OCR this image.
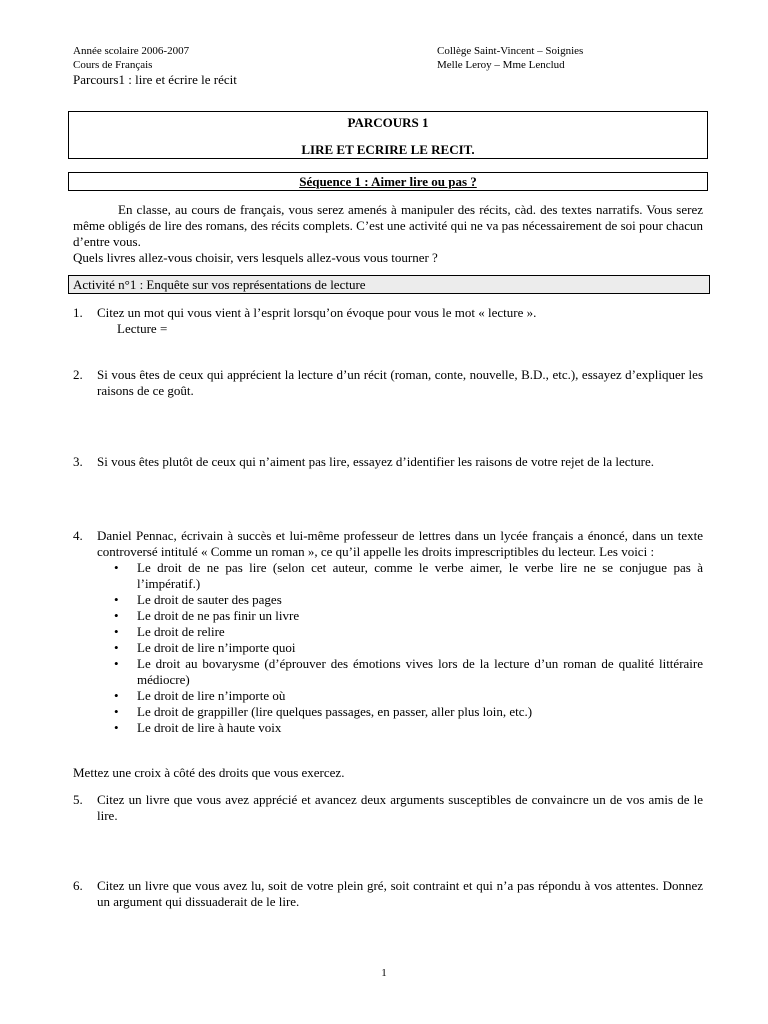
Année scolaire 2006-2007
Cours de Français
Parcours1 : lire et écrire le récit
Collège Saint-Vincent – Soignies
Melle Leroy – Mme Lenclud
PARCOURS 1
LIRE ET ECRIRE LE RECIT.
Séquence 1 : Aimer lire ou pas ?

En classe, au cours de français, vous serez amenés à manipuler des récits, càd. des textes narratifs. Vous serez même obligés de lire des romans, des récits complets. C’est une activité qui ne va pas nécessairement de soi pour chacun d’entre vous.

Quels livres allez-vous choisir, vers lesquels allez-vous vous tourner ?

Activité n°1 : Enquête sur vos représentations de lecture
1. Citez un mot qui vous vient à l’esprit lorsqu’on évoque pour vous le mot « lecture ».
Lecture =
2. Si vous êtes de ceux qui apprécient la lecture d’un récit (roman, conte, nouvelle, B.D., etc.), essayez d’expliquer les raisons de ce goût.
3. Si vous êtes plutôt de ceux qui n’aiment pas lire, essayez d’identifier les raisons de votre rejet de la lecture.
4. Daniel Pennac, écrivain à succès et lui-même professeur de lettres dans un lycée français a énoncé, dans un texte controversé intitulé « Comme un roman », ce qu’il appelle les droits imprescriptibles du lecteur. Les voici :
• Le droit de ne pas lire (selon cet auteur, comme le verbe aimer, le verbe lire ne se conjugue pas à l’impératif.)
• Le droit de sauter des pages
• Le droit de ne pas finir un livre
• Le droit de relire
• Le droit de lire n’importe quoi
• Le droit au bovarysme (d’éprouver des émotions vives lors de la lecture d’un roman de qualité littéraire médiocre)
• Le droit de lire n’importe où
• Le droit de grappiller (lire quelques passages, en passer, aller plus loin, etc.)
• Le droit de lire à haute voix
Mettez une croix à côté des droits que vous exercez.
5. Citez un livre que vous avez apprécié et avancez deux arguments susceptibles de convaincre un de vos amis de le lire.
6. Citez un livre que vous avez lu, soit de votre plein gré, soit contraint et qui n’a pas répondu à vos attentes. Donnez un argument qui dissuaderait de le lire.
1
